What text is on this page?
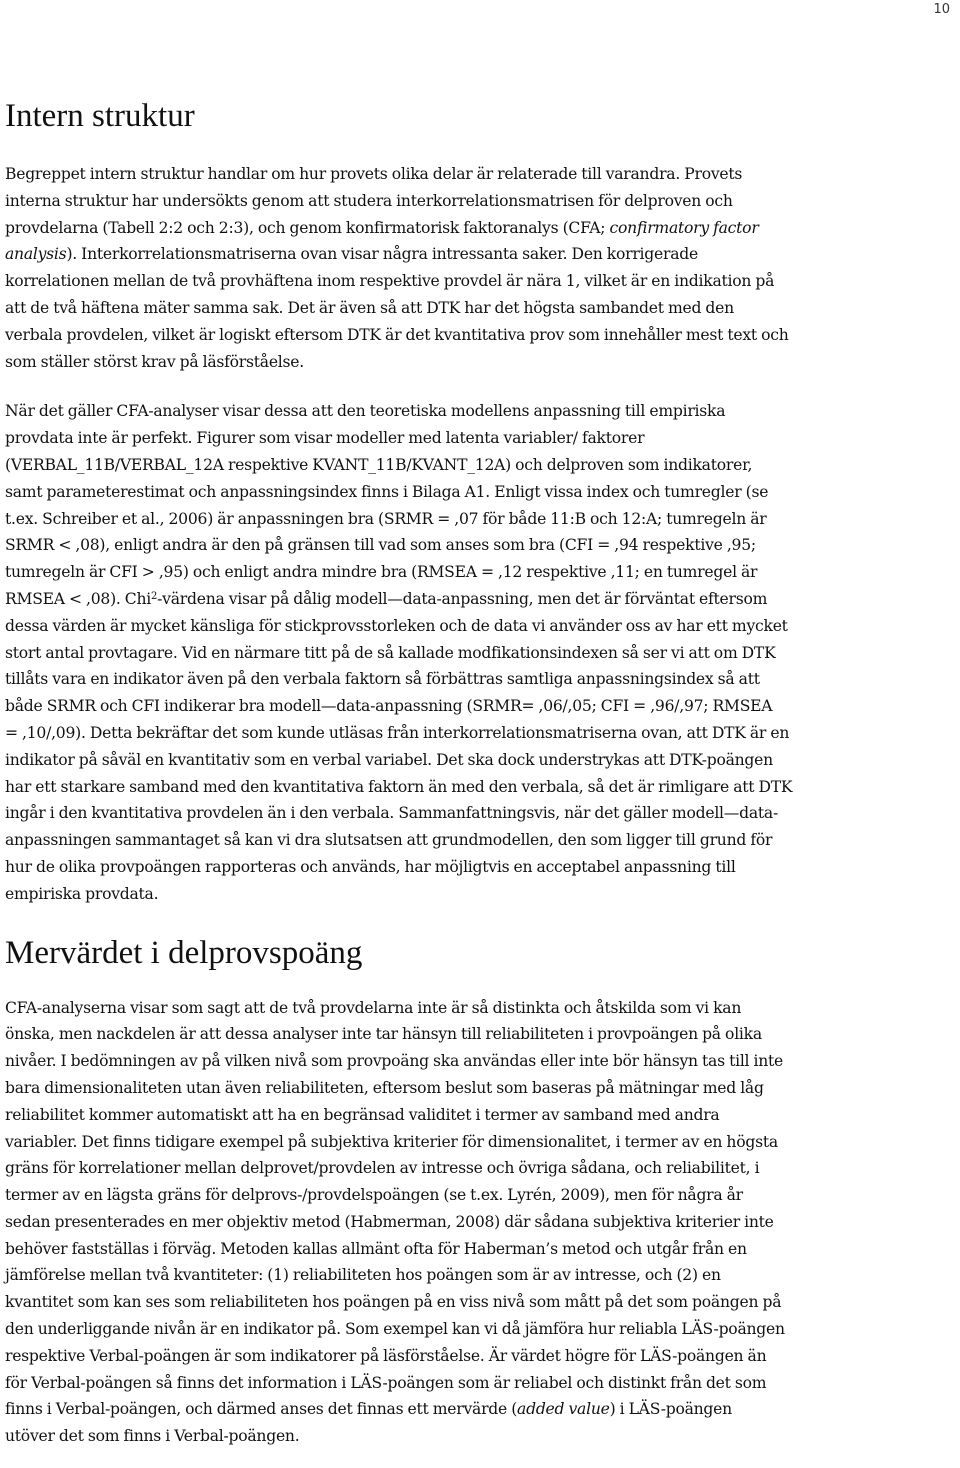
10
Intern struktur

Begreppet intern struktur handlar om hur provets olika delar är relaterade till varandra. Provets
interna struktur har undersökts genom att studera interkorrelationsmatrisen för delproven och
provdelarna (Tabell 2:2 och 2:3), och genom konfirmatorisk faktoranalys (CFA; confirmatory factor
analysis). Interkorrelationsmatriserna ovan visar några intressanta saker. Den korrigerade
korrelationen mellan de två provhäftena inom respektive provdel är nära 1, vilket är en indikation på
att de två häftena mäter samma sak. Det är även så att DTK har det högsta sambandet med den
verbala provdelen, vilket är logiskt eftersom DTK är det kvantitativa prov som innehåller mest text och
som ställer störst krav på läsförståelse.

När det gäller CFA-analyser visar dessa att den teoretiska modellens anpassning till empiriska
provdata inte är perfekt. Figurer som visar modeller med latenta variabler/ faktorer
(VERBAL_11B/VERBAL_12A respektive KVANT_11B/KVANT_12A) och delproven som indikatorer,
samt parameterestimat och anpassningsindex finns i Bilaga A1. Enligt vissa index och tumregler (se
t.ex. Schreiber et al., 2006) är anpassningen bra (SRMR = ,07 för både 11:B och 12:A; tumregeln är
SRMR < ,08), enligt andra är den på gränsen till vad som anses som bra (CFI = ,94 respektive ,95;
tumregeln är CFI > ,95) och enligt andra mindre bra (RMSEA = ,12 respektive ,11; en tumregel är
RMSEA < ,08). Chi$^2$-värdena visar på dålig modell—data-anpassning, men det är förväntat eftersom
dessa värden är mycket känsliga för stickprovsstorleken och de data vi använder oss av har ett mycket
stort antal provtagare. Vid en närmare titt på de så kallade modfikationsindexen så ser vi att om DTK
tillåts vara en indikator även på den verbala faktorn så förbättras samtliga anpassningsindex så att
både SRMR och CFI indikerar bra modell—data-anpassning (SRMR= ,06/,05; CFI = ,96/,97; RMSEA
= ,10/,09). Detta bekräftar det som kunde utläsas från interkorrelationsmatriserna ovan, att DTK är en
indikator på såväl en kvantitativ som en verbal variabel. Det ska dock understrykas att DTK-poängen
har ett starkare samband med den kvantitativa faktorn än med den verbala, så det är rimligare att DTK
ingår i den kvantitativa provdelen än i den verbala. Sammanfattningsvis, när det gäller modell—data-
anpassningen sammantaget så kan vi dra slutsatsen att grundmodellen, den som ligger till grund för
hur de olika provpoängen rapporteras och används, har möjligtvis en acceptabel anpassning till
empiriska provdata.

Mervärdet i delprovspoäng

CFA-analyserna visar som sagt att de två provdelarna inte är så distinkta och åtskilda som vi kan
önska, men nackdelen är att dessa analyser inte tar hänsyn till reliabiliteten i provpoängen på olika
nivåer. I bedömningen av på vilken nivå som provpoäng ska användas eller inte bör hänsyn tas till inte
bara dimensionaliteten utan även reliabiliteten, eftersom beslut som baseras på mätningar med låg
reliabilitet kommer automatiskt att ha en begränsad validitet i termer av samband med andra
variabler. Det finns tidigare exempel på subjektiva kriterier för dimensionalitet, i termer av en högsta
gräns för korrelationer mellan delprovet/provdelen av intresse och övriga sådana, och reliabilitet, i
termer av en lägsta gräns för delprovs-/provdelspoängen (se t.ex. Lyrén, 2009), men för några år
sedan presenterades en mer objektiv metod (Habmerman, 2008) där sådana subjektiva kriterier inte
behöver fastställas i förväg. Metoden kallas allmänt ofta för Haberman’s metod och utgår från en
jämförelse mellan två kvantiteter: (1) reliabiliteten hos poängen som är av intresse, och (2) en
kvantitet som kan ses som reliabiliteten hos poängen på en viss nivå som mått på det som poängen på
den underliggande nivån är en indikator på. Som exempel kan vi då jämföra hur reliabla LÄS-poängen
respektive Verbal-poängen är som indikatorer på läsförståelse. Är värdet högre för LÄS-poängen än
för Verbal-poängen så finns det information i LÄS-poängen som är reliabel och distinkt från det som
finns i Verbal-poängen, och därmed anses det finnas ett mervärde (added value) i LÄS-poängen
utöver det som finns i Verbal-poängen.
